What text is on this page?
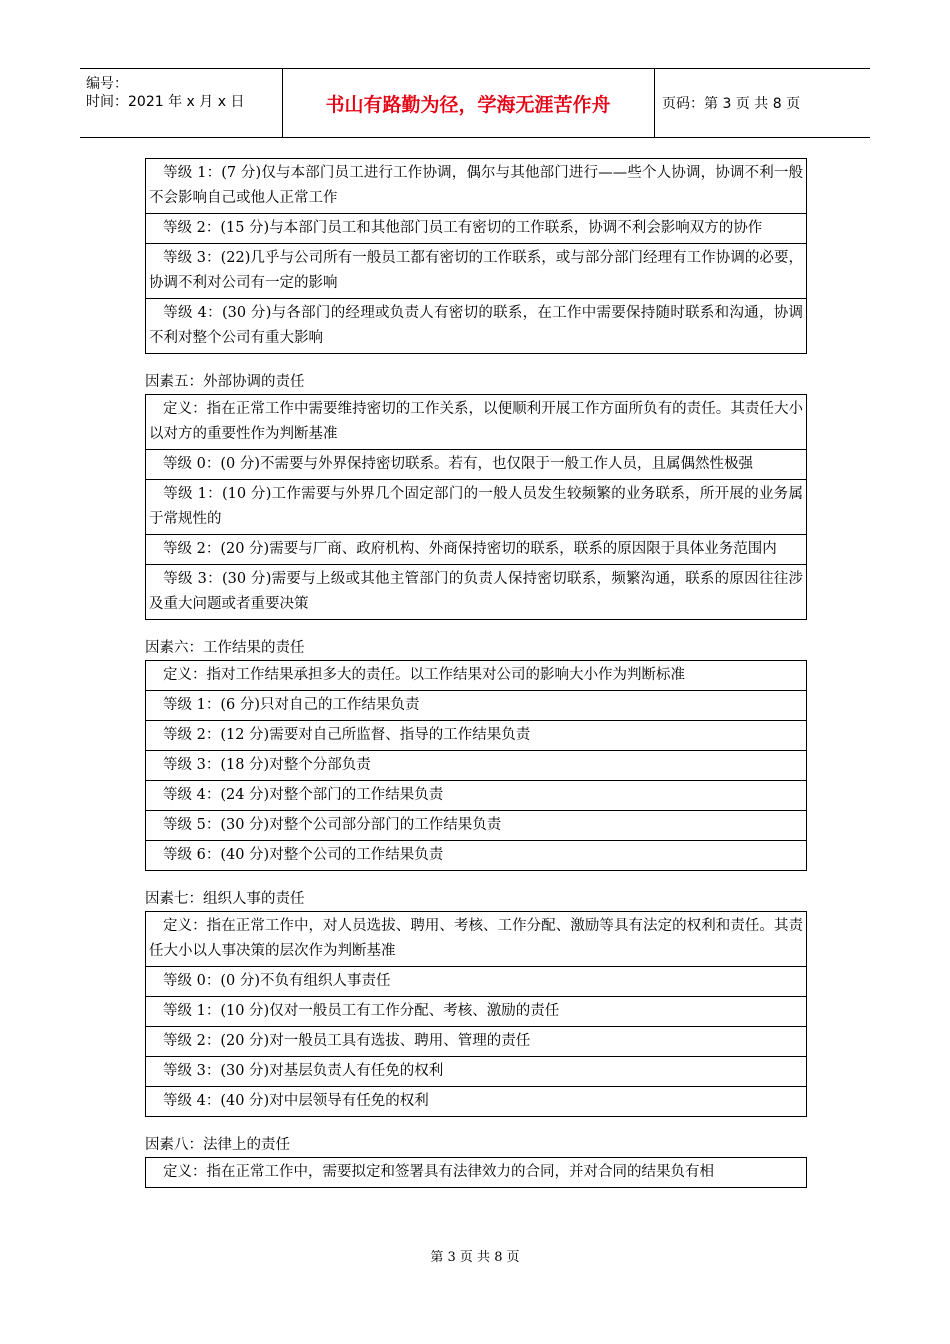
编号：
时间：2021 年 x 月 x 日	书山有路勤为径，学海无涯苦作舟	页码：第 3 页 共 8 页
等级 1：(7 分)仅与本部门员工进行工作协调，偶尔与其他部门进行——些个人协调，协调不利一般不会影响自己或他人正常工作
等级 2：(15 分)与本部门员工和其他部门员工有密切的工作联系，协调不利会影响双方的协作
等级 3：(22)几乎与公司所有一般员工都有密切的工作联系，或与部分部门经理有工作协调的必要，协调不利对公司有一定的影响
等级 4：(30 分)与各部门的经理或负责人有密切的联系，在工作中需要保持随时联系和沟通，协调不利对整个公司有重大影响
因素五：外部协调的责任
定义：指在正常工作中需要维持密切的工作关系，以便顺利开展工作方面所负有的责任。其责任大小以对方的重要性作为判断基准
等级 0：(0 分)不需要与外界保持密切联系。若有，也仅限于一般工作人员，且属偶然性极强
等级 1：(10 分)工作需要与外界几个固定部门的一般人员发生较频繁的业务联系，所开展的业务属于常规性的
等级 2：(20 分)需要与厂商、政府机构、外商保持密切的联系，联系的原因限于具体业务范围内
等级 3：(30 分)需要与上级或其他主管部门的负责人保持密切联系，频繁沟通，联系的原因往往涉及重大问题或者重要决策
因素六：工作结果的责任
定义：指对工作结果承担多大的责任。以工作结果对公司的影响大小作为判断标准
等级 1：(6 分)只对自己的工作结果负责
等级 2：(12 分)需要对自己所监督、指导的工作结果负责
等级 3：(18 分)对整个分部负责
等级 4：(24 分)对整个部门的工作结果负责
等级 5：(30 分)对整个公司部分部门的工作结果负责
等级 6：(40 分)对整个公司的工作结果负责
因素七：组织人事的责任
定义：指在正常工作中，对人员选拔、聘用、考核、工作分配、激励等具有法定的权利和责任。其责任大小以人事决策的层次作为判断基准
等级 0：(0 分)不负有组织人事责任
等级 1：(10 分)仅对一般员工有工作分配、考核、激励的责任
等级 2：(20 分)对一般员工具有选拔、聘用、管理的责任
等级 3：(30 分)对基层负责人有任免的权利
等级 4：(40 分)对中层领导有任免的权利
因素八：法律上的责任
定义：指在正常工作中，需要拟定和签署具有法律效力的合同，并对合同的结果负有相
第 3 页 共 8 页
